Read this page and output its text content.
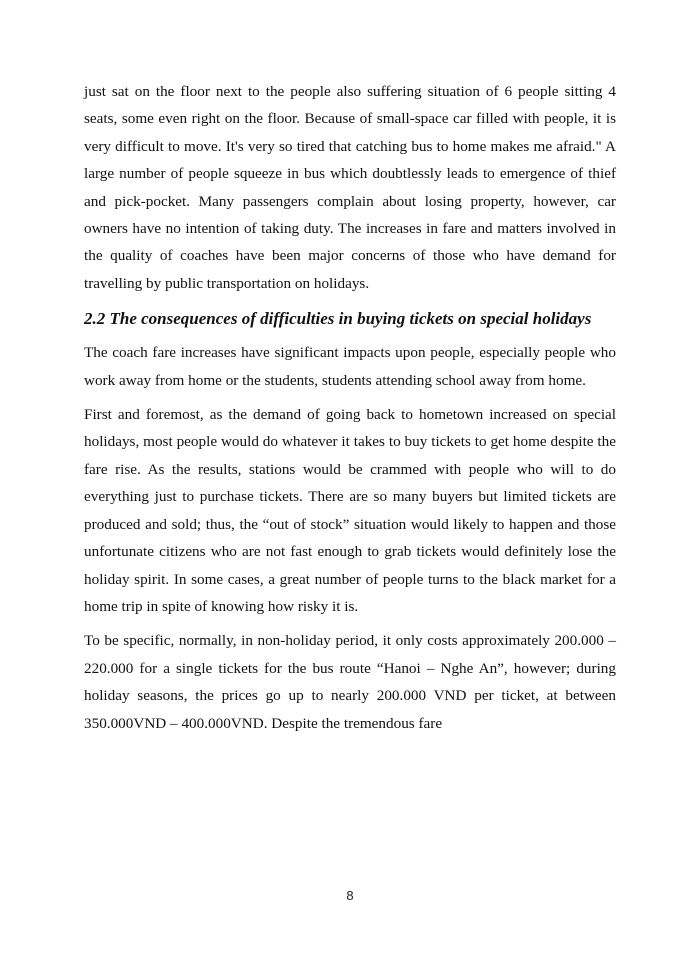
just sat on the floor next to the people also suffering situation of 6 people sitting 4 seats, some even right on the floor. Because of small-space car filled with people, it is very difficult to move. It's very so tired that catching bus to home makes me afraid." A large number of people squeeze in bus which doubtlessly leads to emergence of thief and pick-pocket. Many passengers complain about losing property, however, car owners have no intention of taking duty. The increases in fare and matters involved in the quality of coaches have been major concerns of those who have demand for travelling by public transportation on holidays.

2.2 The consequences of difficulties in buying tickets on special holidays

The coach fare increases have significant impacts upon people, especially people who work away from home or the students, students attending school away from home.

First and foremost, as the demand of going back to hometown increased on special holidays, most people would do whatever it takes to buy tickets to get home despite the fare rise. As the results, stations would be crammed with people who will to do everything just to purchase tickets. There are so many buyers but limited tickets are produced and sold; thus, the “out of stock” situation would likely to happen and those unfortunate citizens who are not fast enough to grab tickets would definitely lose the holiday spirit. In some cases, a great number of people turns to the black market for a home trip in spite of knowing how risky it is.

To be specific, normally, in non-holiday period, it only costs approximately 200.000 – 220.000 for a single tickets for the bus route “Hanoi – Nghe An”, however; during holiday seasons, the prices go up to nearly 200.000 VND per ticket, at between 350.000VND – 400.000VND. Despite the tremendous fare

8
